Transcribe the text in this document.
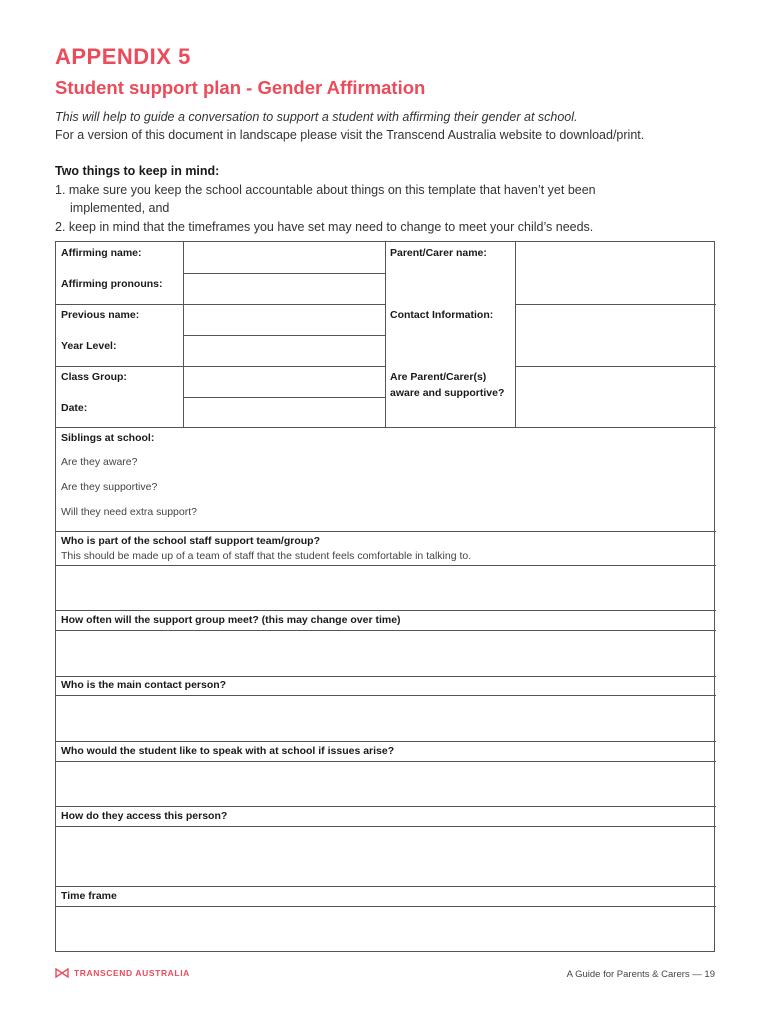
APPENDIX 5
Student support plan - Gender Affirmation
This will help to guide a conversation to support a student with affirming their gender at school.
For a version of this document in landscape please visit the Transcend Australia website to download/print.
Two things to keep in mind:
1. make sure you keep the school accountable about things on this template that haven’t yet been
implemented, and
2. keep in mind that the timeframes you have set may need to change to meet your child’s needs.
Affirming name:
Affirming pronouns:
Previous name:
Year Level:
Class Group:
Date:
Parent/Carer name:
Contact Information:
Are Parent/Carer(s)
aware and supportive?
Siblings at school:
Are they aware?
Are they supportive?
Will they need extra support?
Who is part of the school staff support team/group?
This should be made up of a team of staff that the student feels comfortable in talking to.
How often will the support group meet? (this may change over time)
Who is the main contact person?
Who would the student like to speak with at school if issues arise?
How do they access this person?
Time frame
TRANSCEND AUSTRALIA	A Guide for Parents & Carers — 19
